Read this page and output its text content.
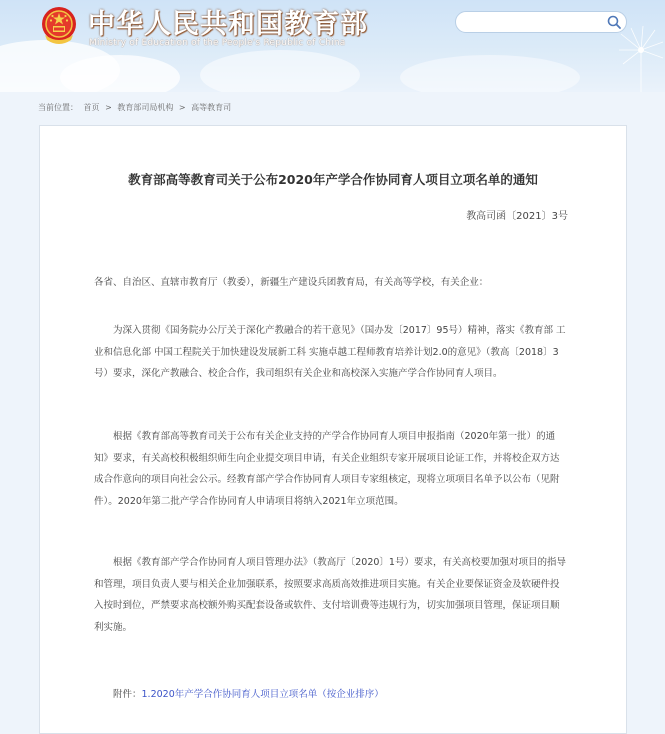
中华人民共和国教育部
Ministry of Education of the People's Republic of China
当前位置： 首页 > 教育部司局机构 > 高等教育司
教育部高等教育司关于公布2020年产学合作协同育人项目立项名单的通知
教高司函〔2021〕3号

各省、自治区、直辖市教育厅（教委），新疆生产建设兵团教育局，有关高等学校，有关企业：

为深入贯彻《国务院办公厅关于深化产教融合的若干意见》（国办发〔2017〕95号）精神，落实《教育部 工业和信息化部 中国工程院关于加快建设发展新工科 实施卓越工程师教育培养计划2.0的意见》（教高〔2018〕3号）要求，深化产教融合、校企合作，我司组织有关企业和高校深入实施产学合作协同育人项目。

根据《教育部高等教育司关于公布有关企业支持的产学合作协同育人项目申报指南（2020年第一批）的通知》要求，有关高校积极组织师生向企业提交项目申请，有关企业组织专家开展项目论证工作，并将校企双方达成合作意向的项目向社会公示。经教育部产学合作协同育人项目专家组核定，现将立项项目名单予以公布（见附件）。2020年第二批产学合作协同育人申请项目将纳入2021年立项范围。

根据《教育部产学合作协同育人项目管理办法》（教高厅〔2020〕1号）要求，有关高校要加强对项目的指导和管理，项目负责人要与相关企业加强联系，按照要求高质高效推进项目实施。有关企业要保证资金及软硬件投入按时到位，严禁要求高校额外购买配套设备或软件、支付培训费等违规行为，切实加强项目管理，保证项目顺利实施。

附件：1.2020年产学合作协同育人项目立项名单（按企业排序）
